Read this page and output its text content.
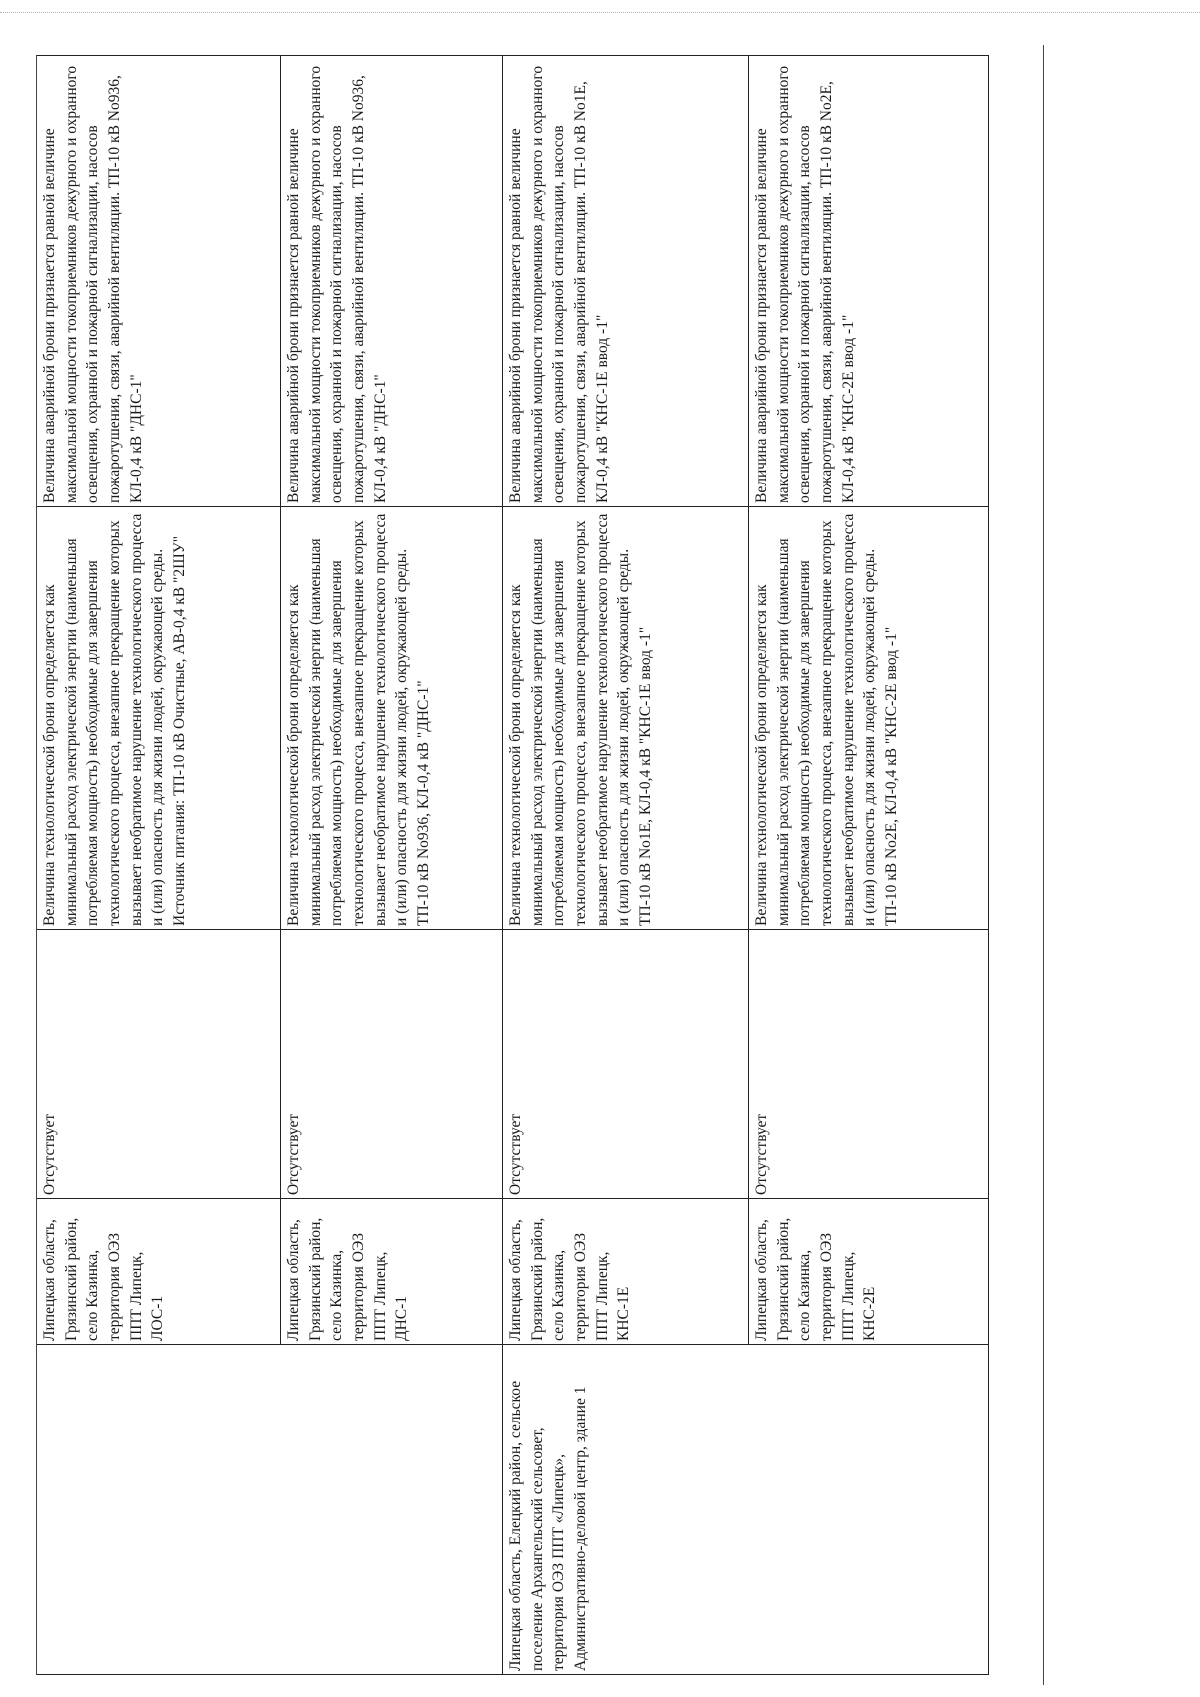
Липецкая область, Грязинский район, село Казинка, территория ОЭЗ ППТ Липецк, ЛОС-1
Отсутствует
Величина технологической брони определяется как минимальный расход электрической энергии (наименьшая потребляемая мощность) необходимые для завершения технологического процесса, внезапное прекращение которых вызывает необратимое нарушение технологического процесса и (или) опасность для жизни людей, окружающей среды. Источник питания: ТП-10 кВ Очистные, АВ-0,4 кВ "2ШУ"
Величина аварийной брони признается равной величине максимальной мощности токоприемников дежурного и охранного освещения, охранной и пожарной сигнализации, насосов пожаротушения, связи, аварийной вентиляции. ТП-10 кВ No936, КЛ-0,4 кВ "ДНС-1"
Липецкая область, Грязинский район, село Казинка, территория ОЭЗ ППТ Липецк, ДНС-1
Отсутствует
Величина технологической брони определяется как минимальный расход электрической энергии (наименьшая потребляемая мощность) необходимые для завершения технологического процесса, внезапное прекращение которых вызывает необратимое нарушение технологического процесса и (или) опасность для жизни людей, окружающей среды. ТП-10 кВ No936, КЛ-0,4 кВ "ДНС-1"
Величина аварийной брони признается равной величине максимальной мощности токоприемников дежурного и охранного освещения, охранной и пожарной сигнализации, насосов пожаротушения, связи, аварийной вентиляции. ТП-10 кВ No936, КЛ-0,4 кВ "ДНС-1"
Липецкая область, Елецкий район, сельское поселение Архангельский сельсовет, территория ОЭЗ ППТ «Липецк», Административно-деловой центр, здание 1
Липецкая область, Грязинский район, село Казинка, территория ОЭЗ ППТ Липецк, КНС-1Е
Отсутствует
Величина технологической брони определяется как минимальный расход электрической энергии (наименьшая потребляемая мощность) необходимые для завершения технологического процесса, внезапное прекращение которых вызывает необратимое нарушение технологического процесса и (или) опасность для жизни людей, окружающей среды. ТП-10 кВ No1Е, КЛ-0,4 кВ "КНС-1Е ввод -1"
Величина аварийной брони признается равной величине максимальной мощности токоприемников дежурного и охранного освещения, охранной и пожарной сигнализации, насосов пожаротушения, связи, аварийной вентиляции. ТП-10 кВ No1Е, КЛ-0,4 кВ "КНС-1Е ввод -1"
Липецкая область, Грязинский район, село Казинка, территория ОЭЗ ППТ Липецк, КНС-2Е
Отсутствует
Величина технологической брони определяется как минимальный расход электрической энергии (наименьшая потребляемая мощность) необходимые для завершения технологического процесса, внезапное прекращение которых вызывает необратимое нарушение технологического процесса и (или) опасность для жизни людей, окружающей среды. ТП-10 кВ No2Е, КЛ-0,4 кВ "КНС-2Е ввод -1"
Величина аварийной брони признается равной величине максимальной мощности токоприемников дежурного и охранного освещения, охранной и пожарной сигнализации, насосов пожаротушения, связи, аварийной вентиляции. ТП-10 кВ No2Е, КЛ-0,4 кВ "КНС-2Е ввод -1"
